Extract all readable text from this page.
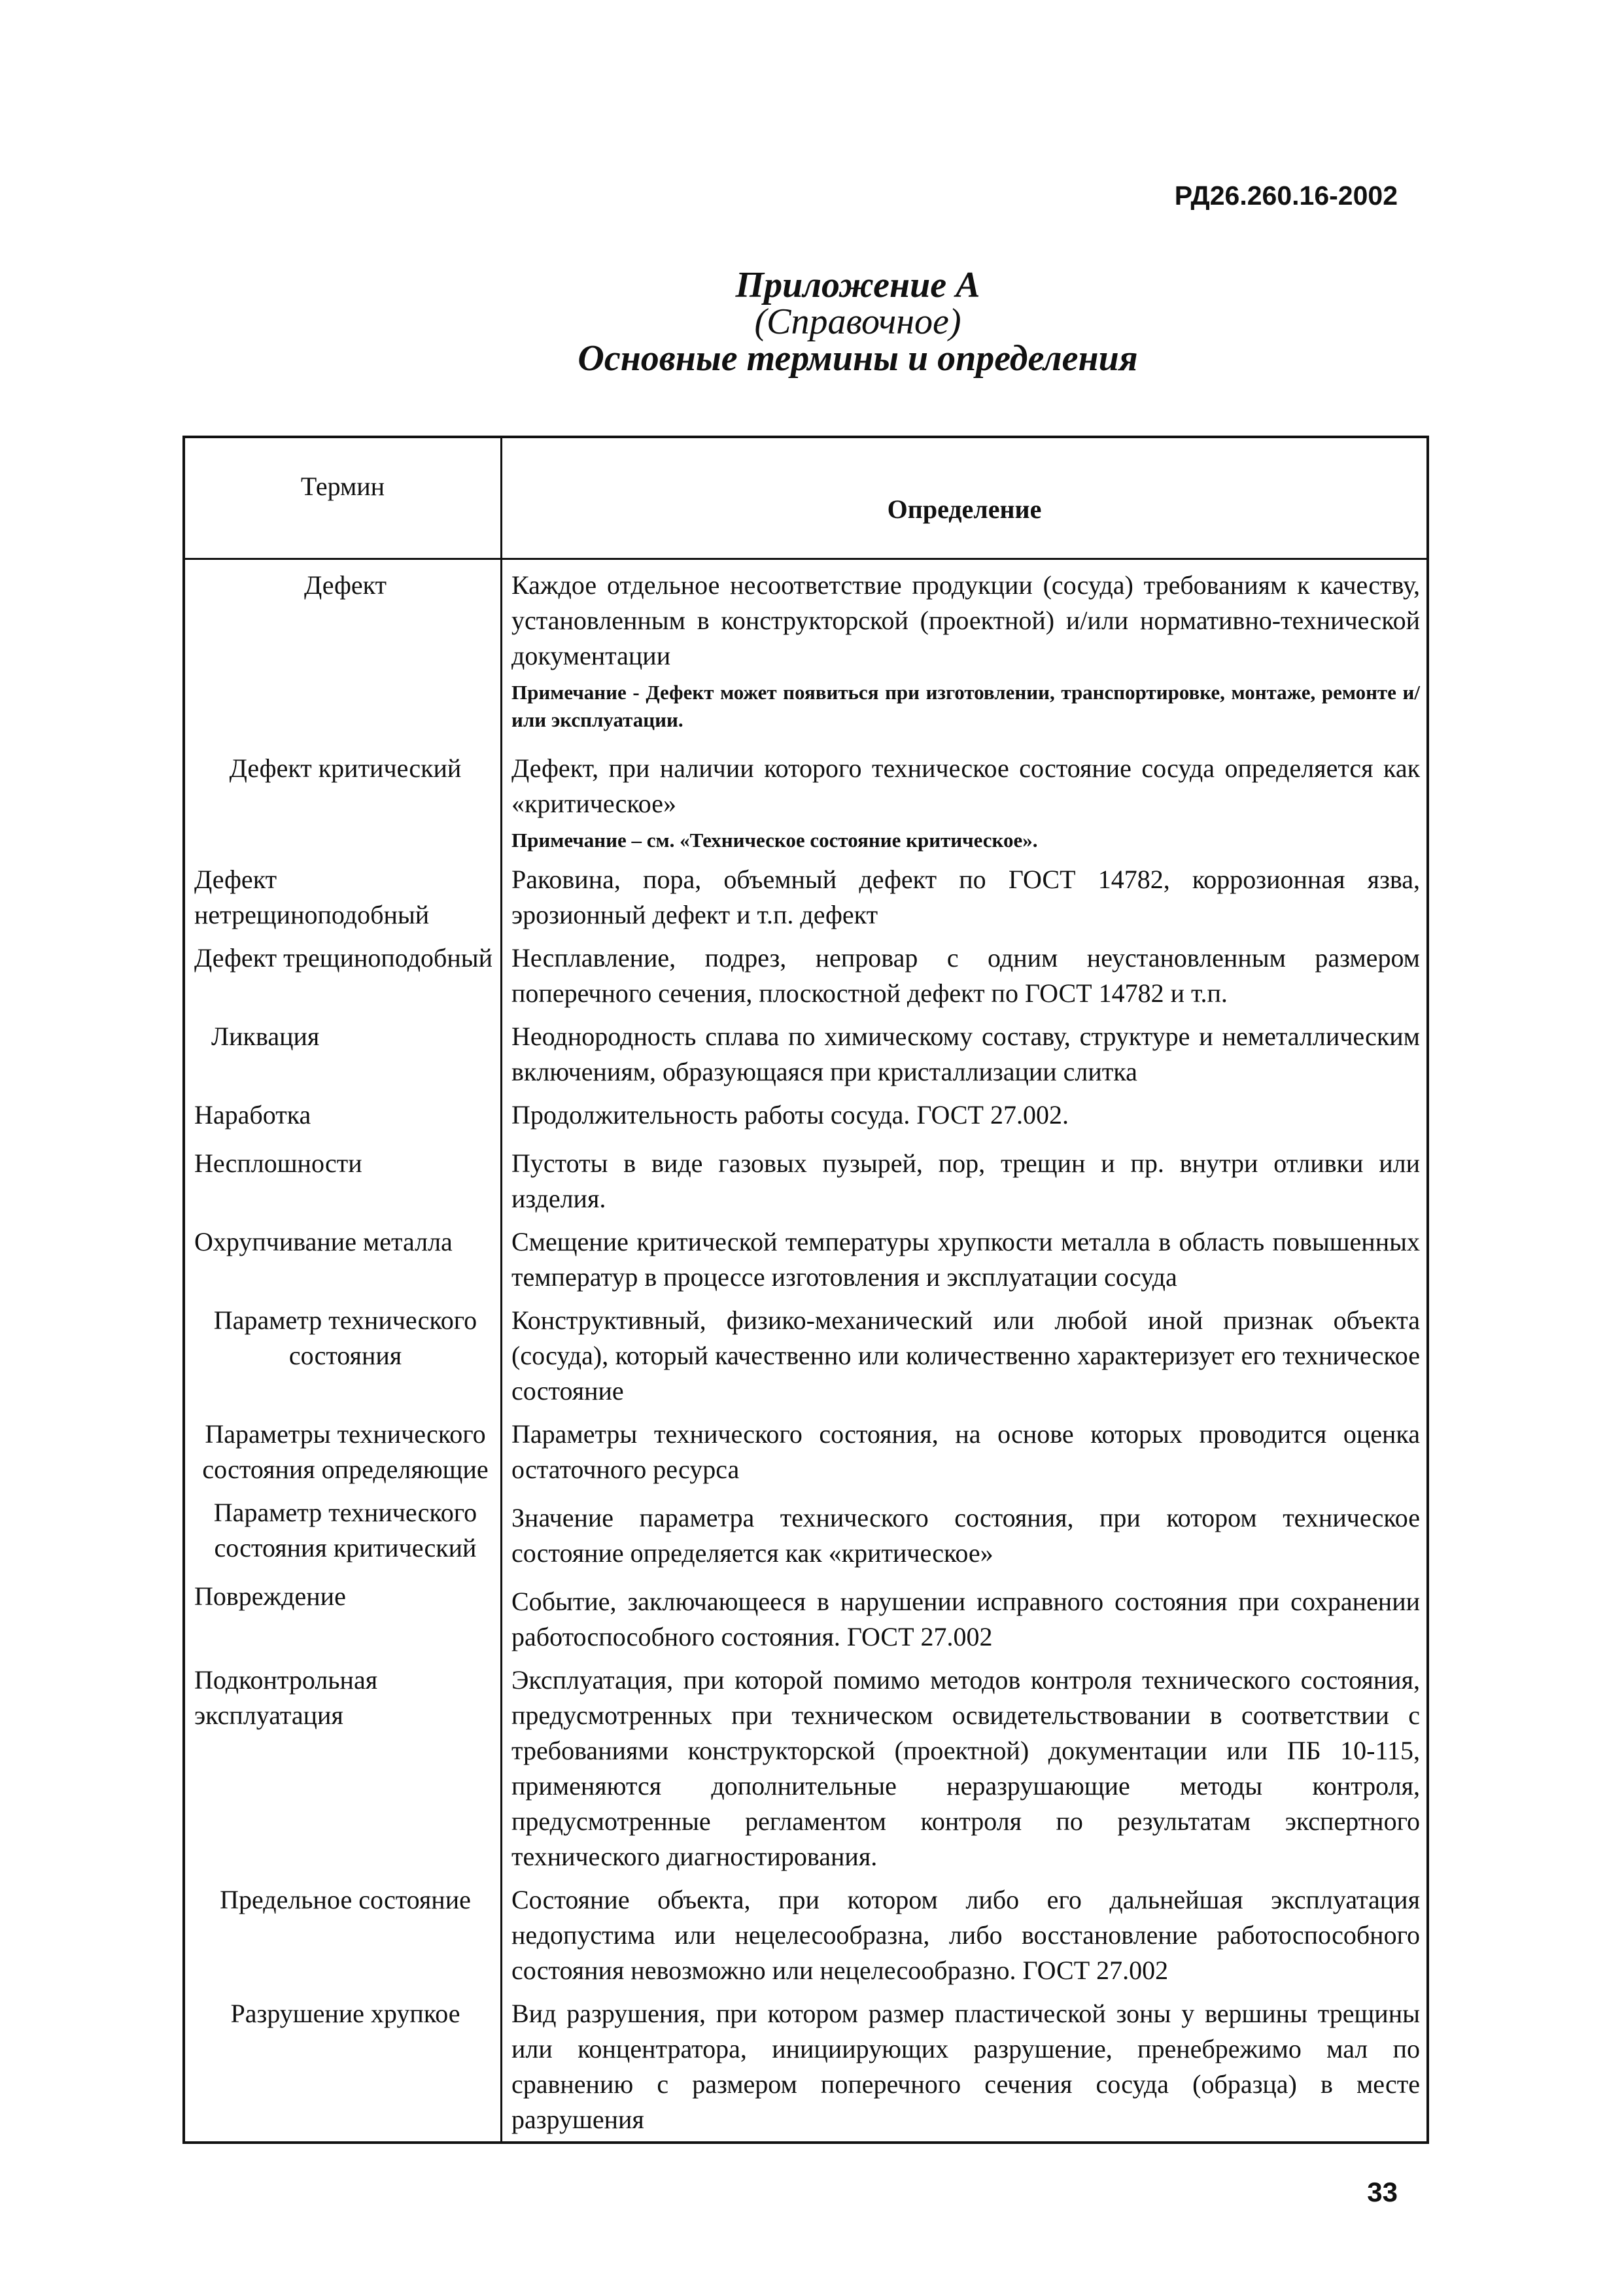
РД26.260.16-2002
Приложение А
(Справочное)
Основные термины и определения
Термин	Определение
Дефект	Каждое отдельное несоответствие продукции (сосуда) требованиям к качеству, установленным в конструкторской (проектной) и/или нормативно-технической документации
Примечание - Дефект может появиться при изготовлении, транспортировке, монтаже, ремонте и/или эксплуатации.

Дефект критический	Дефект, при наличии которого техническое состояние сосуда определяется как «критическое»
Примечание – см. «Техническое состояние критическое».

Дефект нетрещиноподобный	Раковина, пора, объемный дефект по ГОСТ 14782, коррозионная язва, эрозионный дефект и т.п. дефект
Дефект трещиноподобный	Несплавление, подрез, непровар с одним неустановленным размером поперечного сечения, плоскостной дефект по ГОСТ 14782 и т.п.
Ликвация	Неоднородность сплава по химическому составу, структуре и неметаллическим включениям, образующаяся при кристаллизации слитка
Наработка	Продолжительность работы сосуда. ГОСТ 27.002.
Несплошности	Пустоты в виде газовых пузырей, пор, трещин и пр. внутри отливки или изделия.
Охрупчивание металла	Смещение критической температуры хрупкости металла в область повышенных температур в процессе изготовления и эксплуатации сосуда
Параметр технического состояния	Конструктивный, физико-механический или любой иной признак объекта (сосуда), который качественно или количественно характеризует его техническое состояние
Параметры технического состояния определяющие	Параметры технического состояния, на основе которых проводится оценка остаточного ресурса
Параметр технического состояния критический	Значение параметра технического состояния, при котором техническое состояние определяется как «критическое»
Повреждение	Событие, заключающееся в нарушении исправного состояния при сохранении работоспособного состояния. ГОСТ 27.002
Подконтрольная эксплуатация	Эксплуатация, при которой помимо методов контроля технического состояния, предусмотренных при техническом освидетельствовании в соответствии с требованиями конструкторской (проектной) документации или ПБ 10-115, применяются дополнительные неразрушающие методы контроля, предусмотренные регламентом контроля по результатам экспертного технического диагностирования.
Предельное состояние	Состояние объекта, при котором либо его дальнейшая эксплуатация недопустима или нецелесообразна, либо восстановление работоспособного состояния невозможно или нецелесообразно. ГОСТ 27.002
Разрушение хрупкое	Вид разрушения, при котором размер пластической зоны у вершины трещины или концентратора, инициирующих разрушение, пренебрежимо мал по сравнению с размером поперечного сечения сосуда (образца) в месте разрушения
33
